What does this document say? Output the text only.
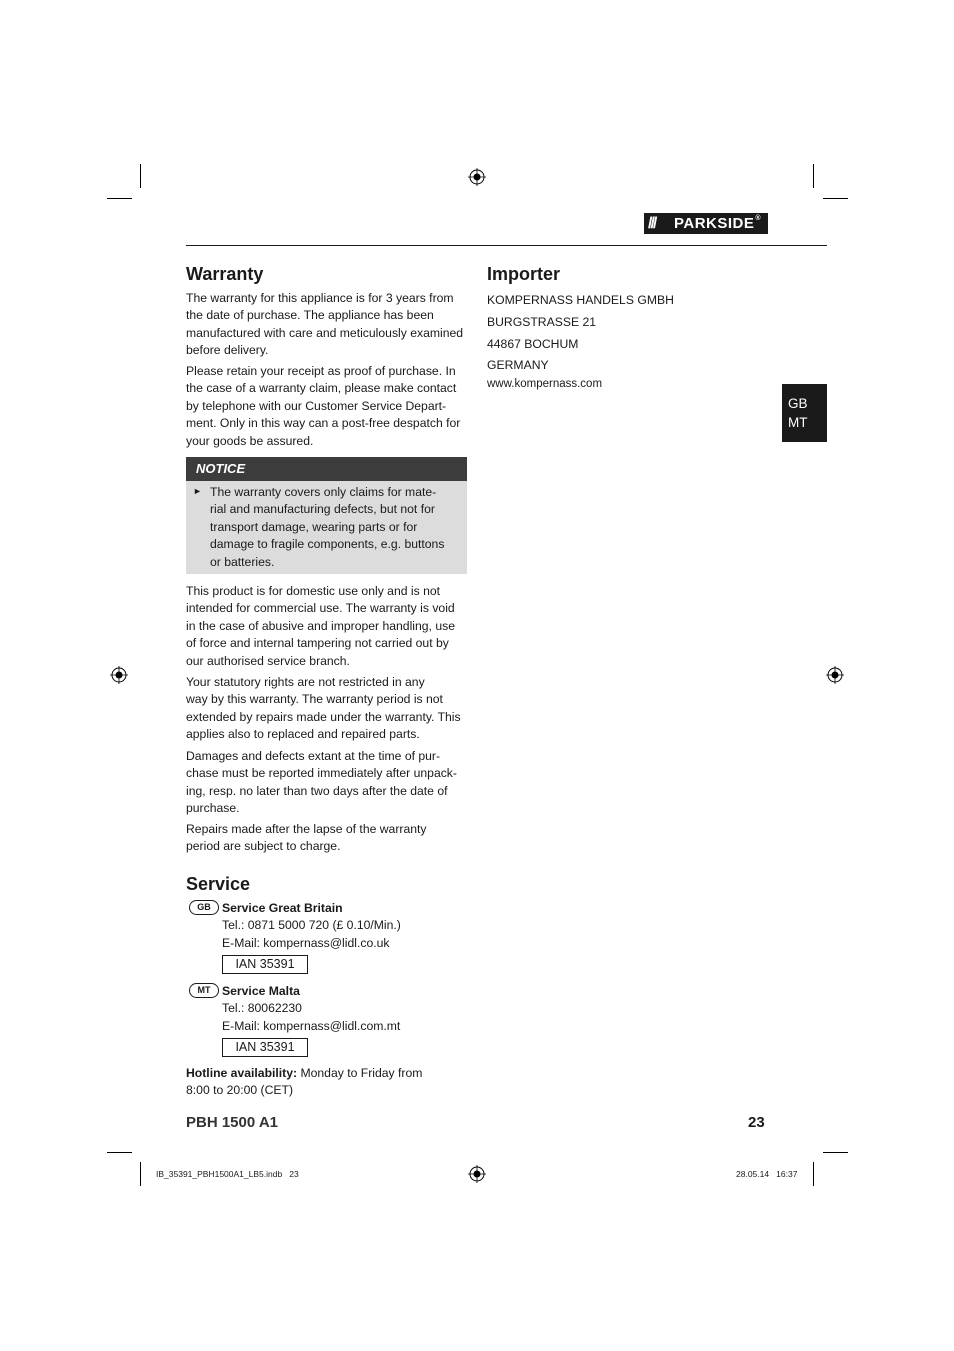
///	PARKSIDE®
Warranty

The warranty for this appliance is for 3 years from

the date of purchase. The appliance has been

manufactured with care and meticulously examined

before delivery.

Please retain your receipt as proof of purchase. In

the case of a warranty claim, please make contact

by telephone with our Customer Service Depart-

ment. Only in this way can a post-free despatch for

your goods be assured.

NOTICE
► The warranty covers only claims for mate-

rial and manufacturing defects, but not for

transport damage, wearing parts or for

damage to fragile components, e.g. buttons

or batteries.

This product is for domestic use only and is not

intended for commercial use. The warranty is void

in the case of abusive and improper handling, use

of force and internal tampering not carried out by

our authorised service branch.

Your statutory rights are not restricted in any

way by this warranty. The warranty period is not

extended by repairs made under the warranty. This

applies also to replaced and repaired parts.

Damages and defects extant at the time of pur-

chase must be reported immediately after unpack-

ing, resp. no later than two days after the date of

purchase.

Repairs made after the lapse of the warranty

period are subject to charge.

Service
GB Service Great Britain

Tel.: 0871 5000 720 (£ 0.10/Min.)

E-Mail: kompernass@lidl.co.uk

IAN 35391
MT Service Malta

Tel.: 80062230

E-Mail: kompernass@lidl.com.mt

IAN 35391

Hotline availability: Monday to Friday from

8:00 to 20:00 (CET)

Importer

KOMPERNASS HANDELS GMBH

BURGSTRASSE 21

44867 BOCHUM

GERMANY

www.kompernass.com
GB
MT
PBH 1500 A1	23
IB_35391_PBH1500A1_LB5.indb   23	28.05.14   16:37
